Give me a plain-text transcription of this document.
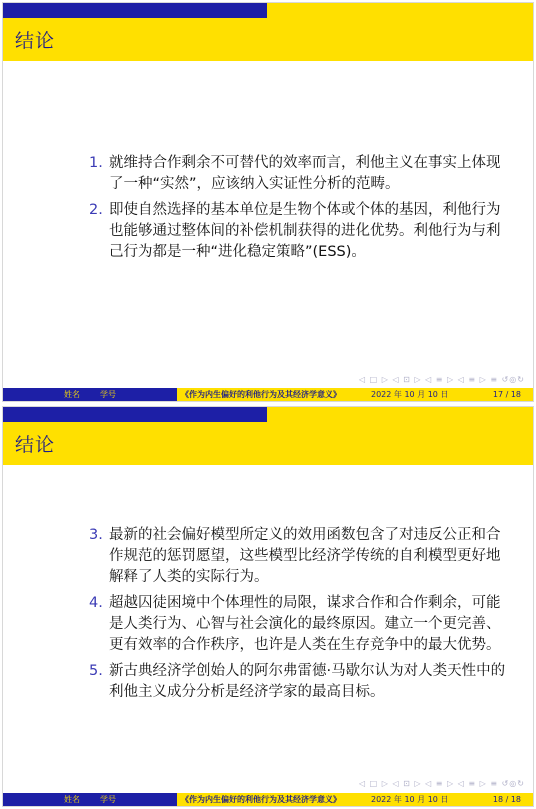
结论
1. 就维持合作剩余不可替代的效率而言，利他主义在事实上体现了一种“实然”，应该纳入实证性分析的范畴。
2. 即使自然选择的基本单位是生物个体或个体的基因，利他行为也能够通过整体间的补偿机制获得的进化优势。利他行为与利己行为都是一种“进化稳定策略”(ESS)。
◁ □ ▷ ◁ ⊡ ▷ ◁ ≡ ▷ ◁ ≡ ▷ ≡ ↺◎↻
姓名	学号	《作为内生偏好的利他行为及其经济学意义》	2022 年 10 月 10 日	17 / 18
结论
3. 最新的社会偏好模型所定义的效用函数包含了对违反公正和合作规范的惩罚愿望，这些模型比经济学传统的自利模型更好地解释了人类的实际行为。
4. 超越囚徒困境中个体理性的局限，谋求合作和合作剩余，可能是人类行为、心智与社会演化的最终原因。建立一个更完善、更有效率的合作秩序，也许是人类在生存竞争中的最大优势。
5. 新古典经济学创始人的阿尔弗雷德·马歇尔认为对人类天性中的利他主义成分分析是经济学家的最高目标。
◁ □ ▷ ◁ ⊡ ▷ ◁ ≡ ▷ ◁ ≡ ▷ ≡ ↺◎↻
姓名	学号	《作为内生偏好的利他行为及其经济学意义》	2022 年 10 月 10 日	18 / 18
